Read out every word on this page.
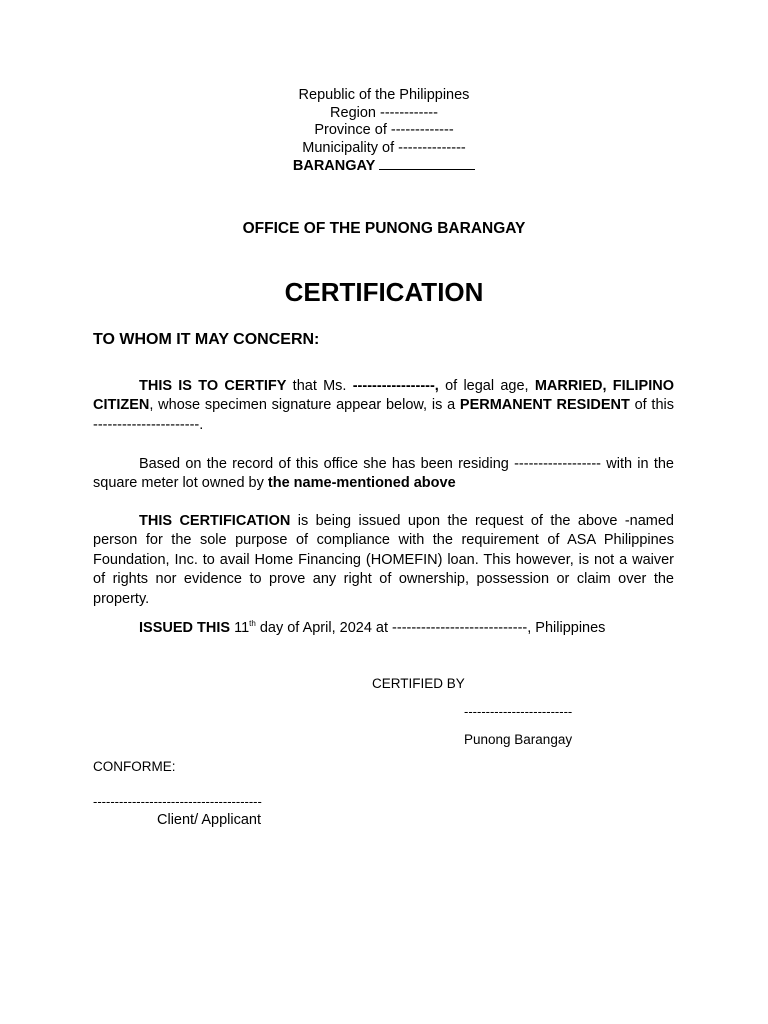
Republic of the Philippines
Region ------------
Province of -------------
Municipality of --------------
BARANGAY
OFFICE OF THE PUNONG BARANGAY
CERTIFICATION
TO WHOM IT MAY CONCERN:
THIS IS TO CERTIFY that Ms. -----------------, of legal age, MARRIED, FILIPINO CITIZEN, whose specimen signature appear below, is a PERMANENT RESIDENT of this ----------------------.
Based on the record of this office she has been residing ------------------ with in the square meter lot owned by the name-mentioned above
THIS CERTIFICATION is being issued upon the request of the above -named person for the sole purpose of compliance with the requirement of ASA Philippines Foundation, Inc. to avail Home Financing (HOMEFIN) loan. This however, is not a waiver of rights nor evidence to prove any right of ownership, possession or claim over the property.
ISSUED THIS 11th day of April, 2024 at ----------------------------, Philippines
CERTIFIED BY
-------------------------
Punong Barangay
CONFORME:
---------------------------------------
Client/ Applicant
